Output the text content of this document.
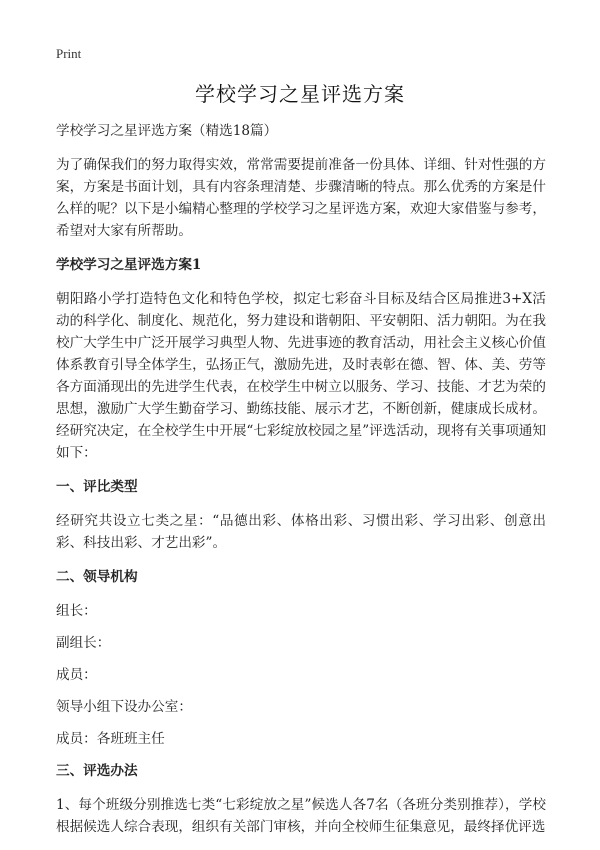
Print
学校学习之星评选方案

学校学习之星评选方案（精选18篇）

为了确保我们的努力取得实效，常常需要提前准备一份具体、详细、针对性强的方案，方案是书面计划，具有内容条理清楚、步骤清晰的特点。那么优秀的方案是什么样的呢？以下是小编精心整理的学校学习之星评选方案，欢迎大家借鉴与参考，希望对大家有所帮助。

学校学习之星评选方案1

朝阳路小学打造特色文化和特色学校，拟定七彩奋斗目标及结合区局推进3+X活动的科学化、制度化、规范化，努力建设和谐朝阳、平安朝阳、活力朝阳。为在我校广大学生中广泛开展学习典型人物、先进事迹的教育活动，用社会主义核心价值体系教育引导全体学生，弘扬正气，激励先进，及时表彰在德、智、体、美、劳等各方面涌现出的先进学生代表，在校学生中树立以服务、学习、技能、才艺为荣的思想，激励广大学生勤奋学习、勤练技能、展示才艺，不断创新，健康成长成材。经研究决定，在全校学生中开展“七彩绽放校园之星”评选活动，现将有关事项通知如下：

一、评比类型

经研究共设立七类之星：“品德出彩、体格出彩、习惯出彩、学习出彩、创意出彩、科技出彩、才艺出彩”。

二、领导机构

组长：

副组长：

成员：

领导小组下设办公室：

成员：各班班主任

三、评选办法

1、每个班级分别推选七类“七彩绽放之星”候选人各7名（各班分类别推荐），学校根据候选人综合表现，组织有关部门审核，并向全校师生征集意见，最终择优评选
